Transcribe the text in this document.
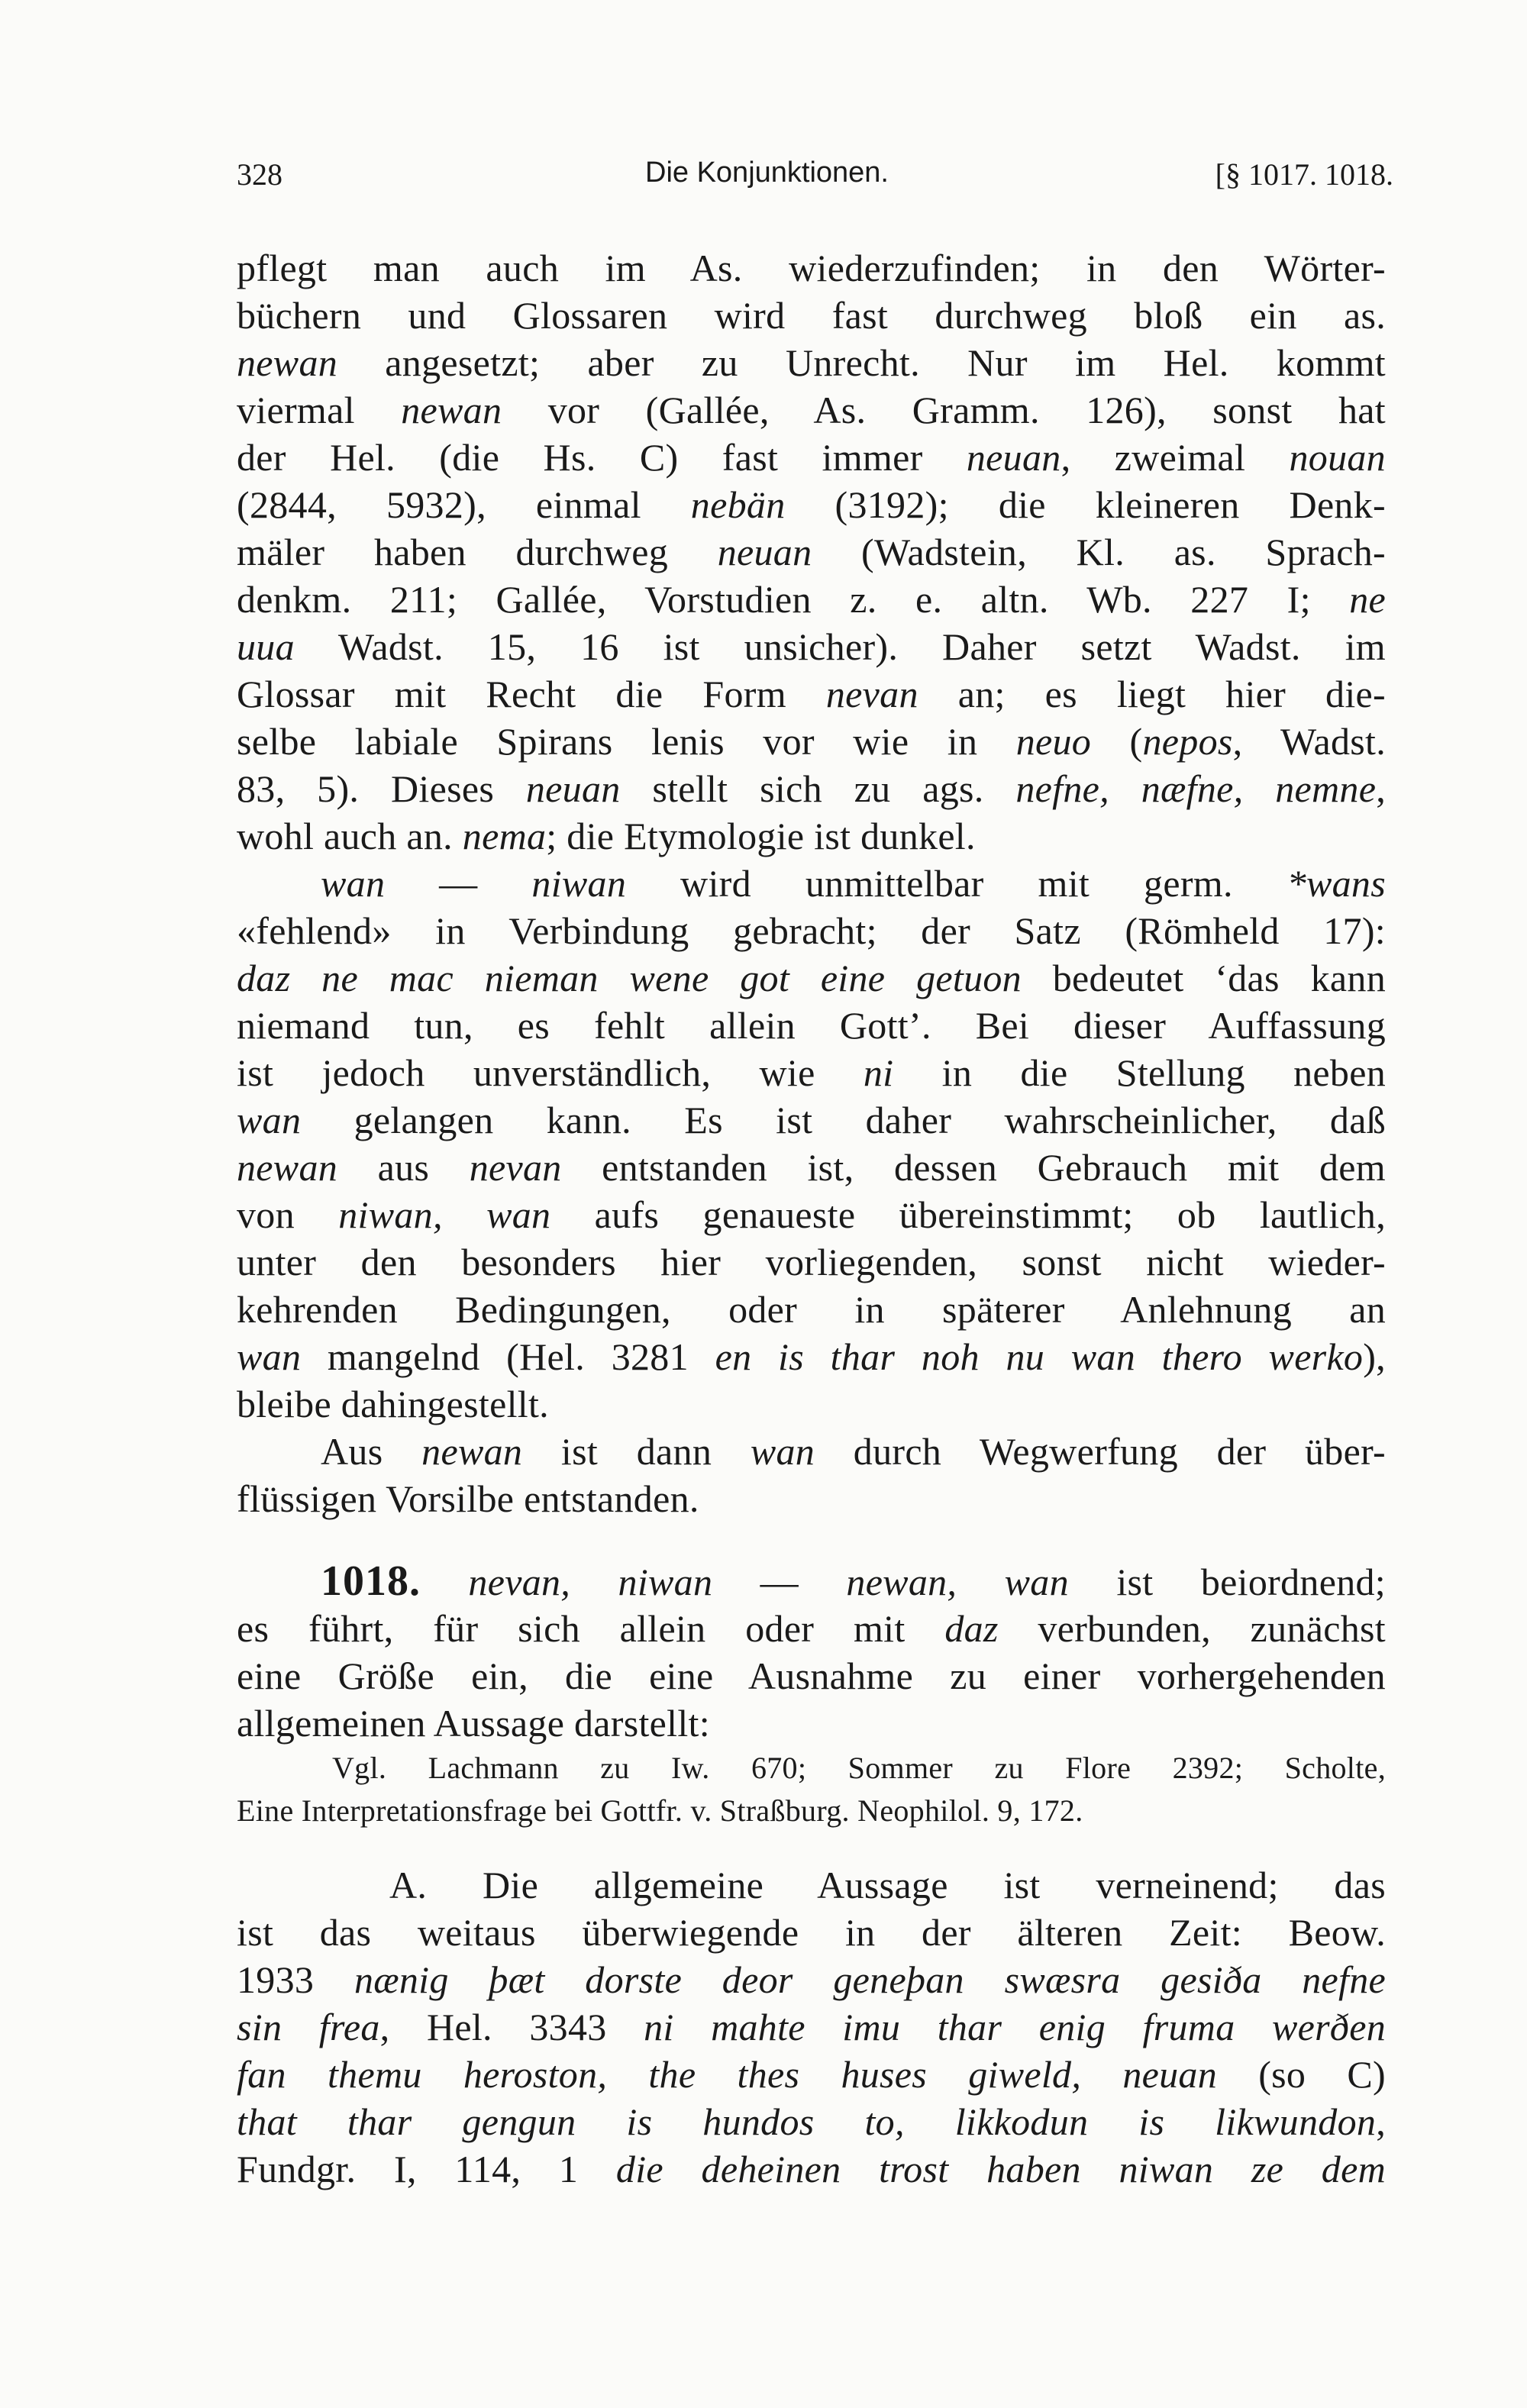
328	Die Konjunktionen.	[§ 1017. 1018.
pflegt man auch im As. wiederzufinden; in den Wörter-
büchern und Glossaren wird fast durchweg bloß ein as.
newan angesetzt; aber zu Unrecht. Nur im Hel. kommt
viermal newan vor (Gallée, As. Gramm. 126), sonst hat
der Hel. (die Hs. C) fast immer neuan, zweimal nouan
(2844, 5932), einmal nebän (3192); die kleineren Denk-
mäler haben durchweg neuan (Wadstein, Kl. as. Sprach-
denkm. 211; Gallée, Vorstudien z. e. altn. Wb. 227 I; ne
uua Wadst. 15, 16 ist unsicher). Daher setzt Wadst. im
Glossar mit Recht die Form nevan an; es liegt hier die-
selbe labiale Spirans lenis vor wie in neuo (nepos, Wadst.
83, 5). Dieses neuan stellt sich zu ags. nefne, næfne, nemne,
wohl auch an. nema; die Etymologie ist dunkel.
wan — niwan wird unmittelbar mit germ. *wans
«fehlend» in Verbindung gebracht; der Satz (Römheld 17):
daz ne mac nieman wene got eine getuon bedeutet ‘das kann
niemand tun, es fehlt allein Gott’. Bei dieser Auffassung
ist jedoch unverständlich, wie ni in die Stellung neben
wan gelangen kann. Es ist daher wahrscheinlicher, daß
newan aus nevan entstanden ist, dessen Gebrauch mit dem
von niwan, wan aufs genaueste übereinstimmt; ob lautlich,
unter den besonders hier vorliegenden, sonst nicht wieder-
kehrenden Bedingungen, oder in späterer Anlehnung an
wan mangelnd (Hel. 3281 en is thar noh nu wan thero werko),
bleibe dahingestellt.
Aus newan ist dann wan durch Wegwerfung der über-
flüssigen Vorsilbe entstanden.
1018. nevan, niwan — newan, wan ist beiordnend;
es führt, für sich allein oder mit daz verbunden, zunächst
eine Größe ein, die eine Ausnahme zu einer vorhergehenden
allgemeinen Aussage darstellt:
Vgl. Lachmann zu Iw. 670; Sommer zu Flore 2392; Scholte,
Eine Interpretationsfrage bei Gottfr. v. Straßburg. Neophilol. 9, 172.
A. Die allgemeine Aussage ist verneinend; das
ist das weitaus überwiegende in der älteren Zeit: Beow.
1933 nænig þæt dorste deor geneþan swæsra gesiða nefne
sin frea, Hel. 3343 ni mahte imu thar enig fruma werðen
fan themu heroston, the thes huses giweld, neuan (so C)
that thar gengun is hundos to, likkodun is likwundon,
Fundgr. I, 114, 1 die deheinen trost haben niwan ze dem
